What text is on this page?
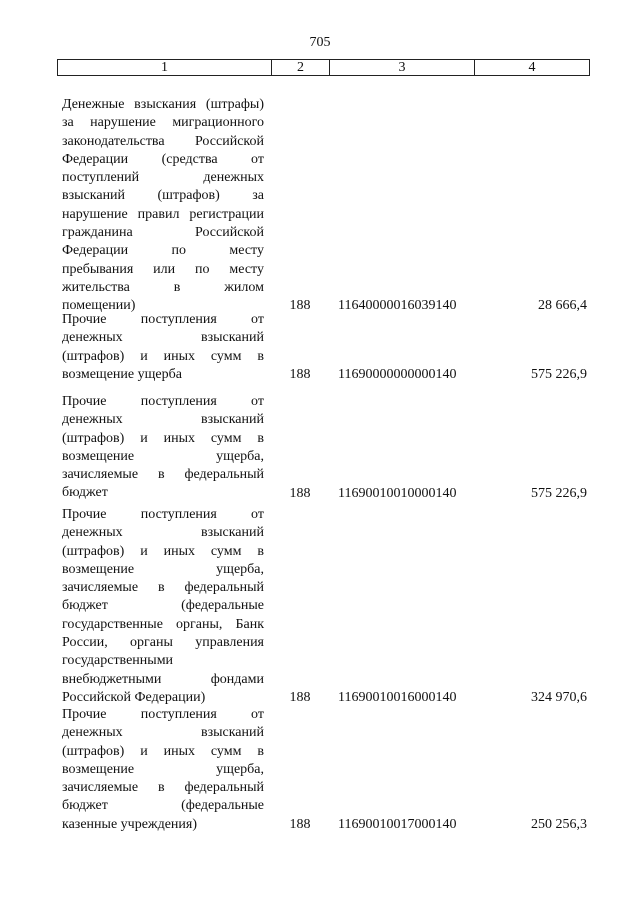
705
1	2	3	4
Денежные взыскания (штрафы)
за нарушение миграционного
законодательства Российской
Федерации (средства от
поступлений денежных
взысканий (штрафов) за
нарушение правил регистрации
гражданина Российской
Федерации по месту
пребывания или по месту
жительства в жилом
помещении)	188 11640000016039140	28 666,4
Прочие поступления от
денежных взысканий
(штрафов) и иных сумм в
возмещение ущерба	188 11690000000000140	575 226,9
Прочие поступления от
денежных взысканий
(штрафов) и иных сумм в
возмещение ущерба,
зачисляемые в федеральный
бюджет	188 11690010010000140	575 226,9
Прочие поступления от
денежных взысканий
(штрафов) и иных сумм в
возмещение ущерба,
зачисляемые в федеральный
бюджет (федеральные
государственные органы, Банк
России, органы управления
государственными
внебюджетными фондами
Российской Федерации)	188 11690010016000140	324 970,6
Прочие поступления от
денежных взысканий
(штрафов) и иных сумм в
возмещение ущерба,
зачисляемые в федеральный
бюджет (федеральные
казенные учреждения)	188 11690010017000140	250 256,3
